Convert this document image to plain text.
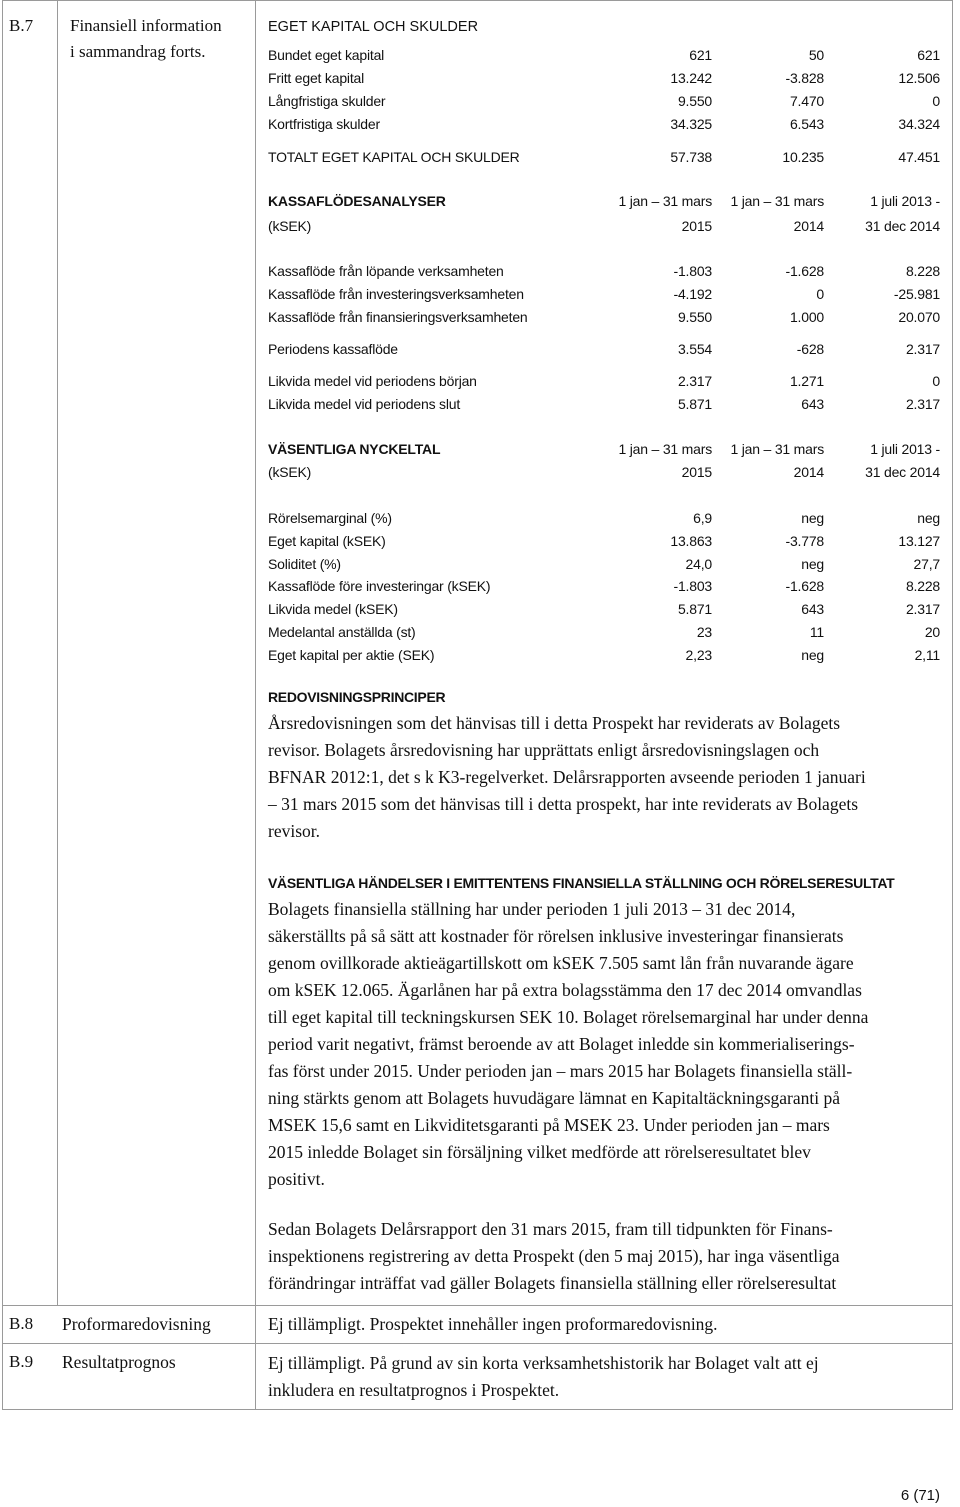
B.7 Finansiell information
i sammandrag forts.
EGET KAPITAL OCH SKULDER
Bundet eget kapital	621	50	621
Fritt eget kapital	13.242	-3.828	12.506
Långfristiga skulder	9.550	7.470	0
Kortfristiga skulder	34.325	6.543	34.324
TOTALT EGET KAPITAL OCH SKULDER	57.738	10.235	47.451
KASSAFLÖDESANALYSER	1 jan – 31 mars	1 jan – 31 mars	1 juli 2013 -
(kSEK)	2015	2014	31 dec 2014
Kassaflöde från löpande verksamheten	-1.803	-1.628	8.228
Kassaflöde från investeringsverksamheten	-4.192	0	-25.981
Kassaflöde från finansieringsverksamheten	9.550	1.000	20.070
Periodens kassaflöde	3.554	-628	2.317
Likvida medel vid periodens början	2.317	1.271	0
Likvida medel vid periodens slut	5.871	643	2.317
VÄSENTLIGA NYCKELTAL	1 jan – 31 mars	1 jan – 31 mars	1 juli 2013 -
(kSEK)	2015	2014	31 dec 2014
Rörelsemarginal (%)	6,9	neg	neg
Eget kapital (kSEK)	13.863	-3.778	13.127
Soliditet (%)	24,0	neg	27,7
Kassaflöde före investeringar (kSEK)	-1.803	-1.628	8.228
Likvida medel (kSEK)	5.871	643	2.317
Medelantal anställda (st)	23	11	20
Eget kapital per aktie (SEK)	2,23	neg	2,11
REDOVISNINGSPRINCIPER
Årsredovisningen som det hänvisas till i detta Prospekt har reviderats av Bolagets
revisor. Bolagets årsredovisning har upprättats enligt årsredovisningslagen och
BFNAR 2012:1, det s k K3-regelverket. Delårsrapporten avseende perioden 1 januari
– 31 mars 2015 som det hänvisas till i detta prospekt, har inte reviderats av Bolagets
revisor.
VÄSENTLIGA HÄNDELSER I EMITTENTENS FINANSIELLA STÄLLNING OCH RÖRELSERESULTAT
Bolagets finansiella ställning har under perioden 1 juli 2013 – 31 dec 2014,
säkerställts på så sätt att kostnader för rörelsen inklusive investeringar finansierats
genom ovillkorade aktieägartillskott om kSEK 7.505 samt lån från nuvarande ägare
om kSEK 12.065. Ägarlånen har på extra bolagsstämma den 17 dec 2014 omvandlas
till eget kapital till teckningskursen SEK 10. Bolaget rörelsemarginal har under denna
period varit negativt, främst beroende av att Bolaget inledde sin kommerialiserings-
fas först under 2015. Under perioden jan – mars 2015 har Bolagets finansiella ställ-
ning stärkts genom att Bolagets huvudägare lämnat en Kapitaltäckningsgaranti på
MSEK 15,6 samt en Likviditetsgaranti på MSEK 23. Under perioden jan – mars
2015 inledde Bolaget sin försäljning vilket medförde att rörelseresultatet blev
positivt.
Sedan Bolagets Delårsrapport den 31 mars 2015, fram till tidpunkten för Finans-
inspektionens registrering av detta Prospekt (den 5 maj 2015), har inga väsentliga
förändringar inträffat vad gäller Bolagets finansiella ställning eller rörelseresultat
B.8 Proformaredovisning	Ej tillämpligt. Prospektet innehåller ingen proformaredovisning.
B.9 Resultatprognos	Ej tillämpligt. På grund av sin korta verksamhetshistorik har Bolaget valt att ej
inkludera en resultatprognos i Prospektet.
6 (71)
